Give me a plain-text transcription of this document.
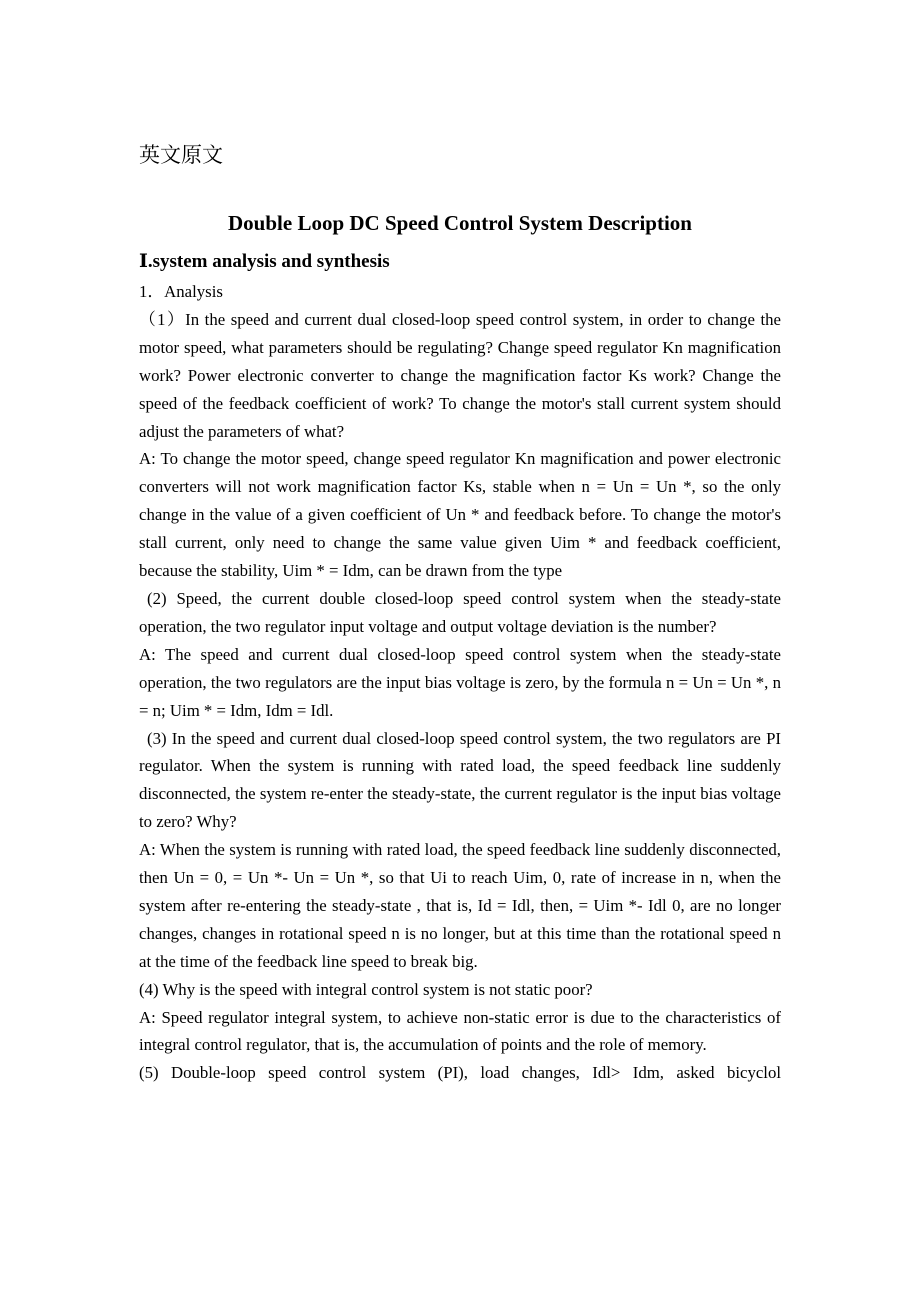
英文原文
Double Loop DC Speed Control System Description
Ⅰ.system analysis and synthesis

1．Analysis

（1）In the speed and current dual closed-loop speed control system, in order to change the motor speed, what parameters should be regulating? Change speed regulator Kn magnification work? Power electronic converter to change the magnification factor Ks work? Change the speed of the feedback coefficient of work? To change the motor's stall current system should adjust the parameters of what?

A: To change the motor speed, change speed regulator Kn magnification and power electronic converters will not work magnification factor Ks, stable when n = Un = Un *, so the only change in the value of a given coefficient of Un * and feedback before. To change the motor's stall current, only need to change the same value given Uim * and feedback coefficient, because the stability, Uim * = Idm, can be drawn from the type

(2) Speed, the current double closed-loop speed control system when the steady-state operation, the two regulator input voltage and output voltage deviation is the number?

A: The speed and current dual closed-loop speed control system when the steady-state operation, the two regulators are the input bias voltage is zero, by the formula n = Un = Un *, n = n; Uim * = Idm, Idm = Idl.

(3) In the speed and current dual closed-loop speed control system, the two regulators are PI regulator. When the system is running with rated load, the speed feedback line suddenly disconnected, the system re-enter the steady-state, the current regulator is the input bias voltage to zero? Why?

A: When the system is running with rated load, the speed feedback line suddenly disconnected, then Un = 0, = Un *- Un = Un *, so that Ui to reach Uim, 0, rate of increase in n, when the system after re-entering the steady-state , that is, Id = Idl, then, = Uim *- Idl 0, are no longer changes, changes in rotational speed n is no longer, but at this time than the rotational speed n at the time of the feedback line speed to break big.

(4) Why is the speed with integral control system is not static poor?

A: Speed regulator integral system, to achieve non-static error is due to the characteristics of integral control regulator, that is, the accumulation of points and the role of memory.

(5) Double-loop speed control system (PI), load changes, Idl> Idm, asked bicyclol
